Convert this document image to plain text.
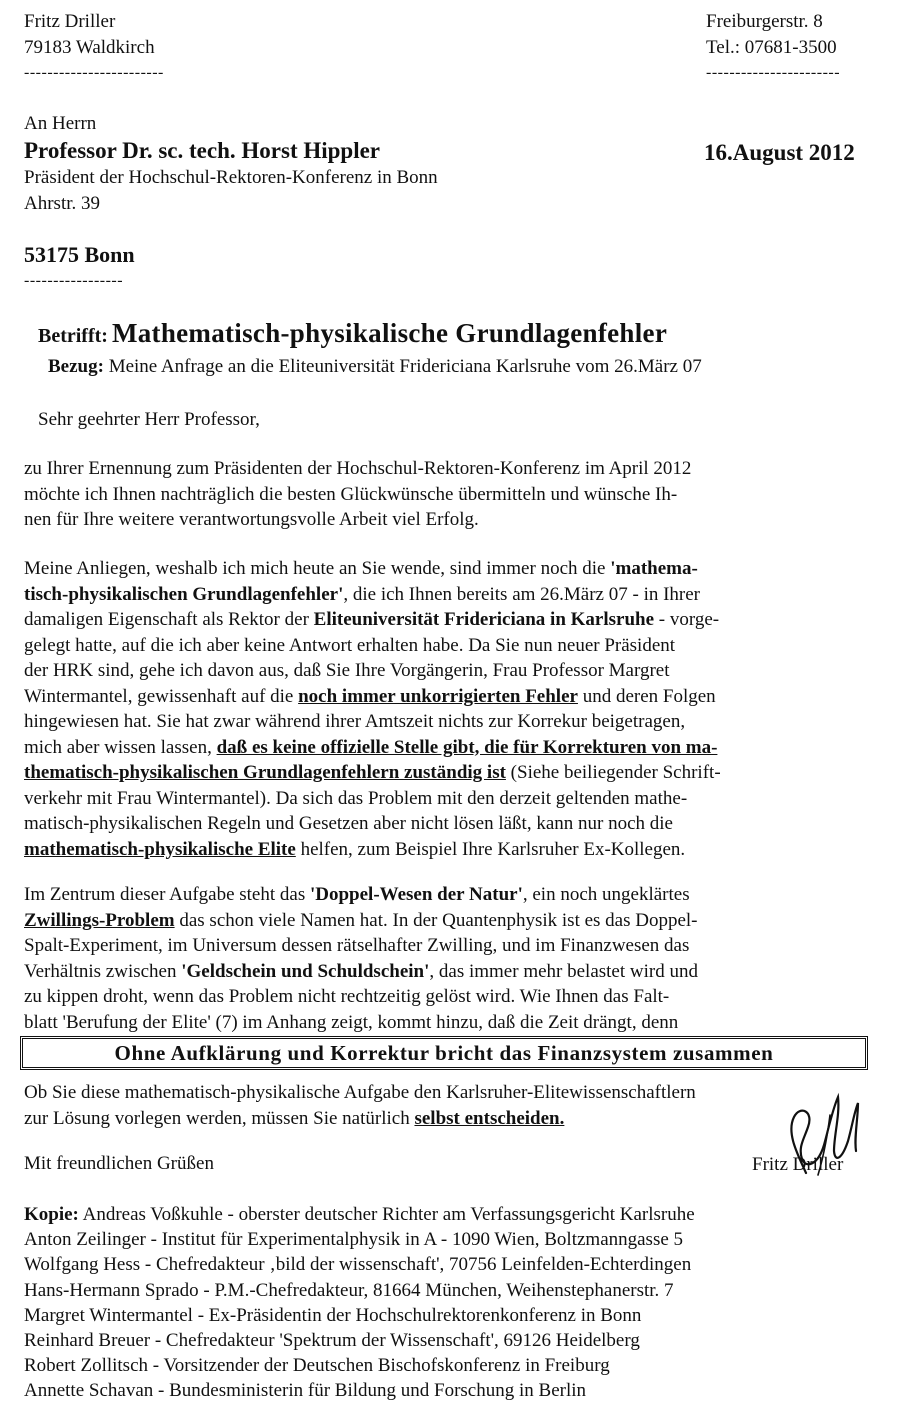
Fritz Driller
79183 Waldkirch
------------------------
Freiburgerstr. 8
Tel.: 07681-3500
-----------------------
An Herrn
Professor Dr. sc. tech. Horst Hippler
Präsident der Hochschul-Rektoren-Konferenz in Bonn
Ahrstr. 39
53175 Bonn
-----------------
16.August 2012
Betrifft: Mathematisch-physikalische Grundlagenfehler
Bezug: Meine Anfrage an die Eliteuniversität Fridericiana Karlsruhe vom 26.März 07
Sehr geehrter Herr Professor,
zu Ihrer Ernennung zum Präsidenten der Hochschul-Rektoren-Konferenz im April 2012
möchte ich Ihnen nachträglich die besten Glückwünsche übermitteln und wünsche Ih-
nen für Ihre weitere verantwortungsvolle Arbeit viel Erfolg.
Meine Anliegen, weshalb ich mich heute an Sie wende, sind immer noch die 'mathema-
tisch-physikalischen Grundlagenfehler', die ich Ihnen bereits am 26.März 07 - in Ihrer
damaligen Eigenschaft als Rektor der Eliteuniversität Fridericiana in Karlsruhe - vorge-
gelegt hatte, auf die ich aber keine Antwort erhalten habe. Da Sie nun neuer Präsident
der HRK sind, gehe ich davon aus, daß Sie Ihre Vorgängerin, Frau Professor Margret
Wintermantel, gewissenhaft auf die noch immer unkorrigierten Fehler und deren Folgen
hingewiesen hat. Sie hat zwar während ihrer Amtszeit nichts zur Korrekur beigetragen,
mich aber wissen lassen, daß es keine offizielle Stelle gibt, die für Korrekturen von ma-
thematisch-physikalischen Grundlagenfehlern zuständig ist (Siehe beiliegender Schrift-
verkehr mit Frau Wintermantel). Da sich das Problem mit den derzeit geltenden mathe-
matisch-physikalischen Regeln und Gesetzen aber nicht lösen läßt, kann nur noch die
mathematisch-physikalische Elite helfen, zum Beispiel Ihre Karlsruher Ex-Kollegen.
Im Zentrum dieser Aufgabe steht das 'Doppel-Wesen der Natur', ein noch ungeklärtes
Zwillings-Problem das schon viele Namen hat. In der Quantenphysik ist es das Doppel-
Spalt-Experiment, im Universum dessen rätselhafter Zwilling, und im Finanzwesen das
Verhältnis zwischen 'Geldschein und Schuldschein', das immer mehr belastet wird und
zu kippen droht, wenn das Problem nicht rechtzeitig gelöst wird. Wie Ihnen das Falt-
blatt 'Berufung der Elite' (7) im Anhang zeigt, kommt hinzu, daß die Zeit drängt, denn
Ohne Aufklärung und Korrektur bricht das Finanzsystem zusammen
Ob Sie diese mathematisch-physikalische Aufgabe den Karlsruher-Elitewissenschaftlern
zur Lösung vorlegen werden, müssen Sie natürlich selbst entscheiden.
Mit freundlichen Grüßen	Fritz Driller
Kopie: Andreas Voßkuhle - oberster deutscher Richter am Verfassungsgericht Karlsruhe
Anton Zeilinger - Institut für Experimentalphysik in A - 1090 Wien, Boltzmanngasse 5
Wolfgang Hess - Chefredakteur ‚bild der wissenschaft', 70756 Leinfelden-Echterdingen
Hans-Hermann Sprado - P.M.-Chefredakteur, 81664 München, Weihenstephanerstr. 7
Margret Wintermantel - Ex-Präsidentin der Hochschulrektorenkonferenz in Bonn
Reinhard Breuer - Chefredakteur 'Spektrum der Wissenschaft', 69126 Heidelberg
Robert Zollitsch - Vorsitzender der Deutschen Bischofskonferenz in Freiburg
Annette Schavan - Bundesministerin für Bildung und Forschung in Berlin
